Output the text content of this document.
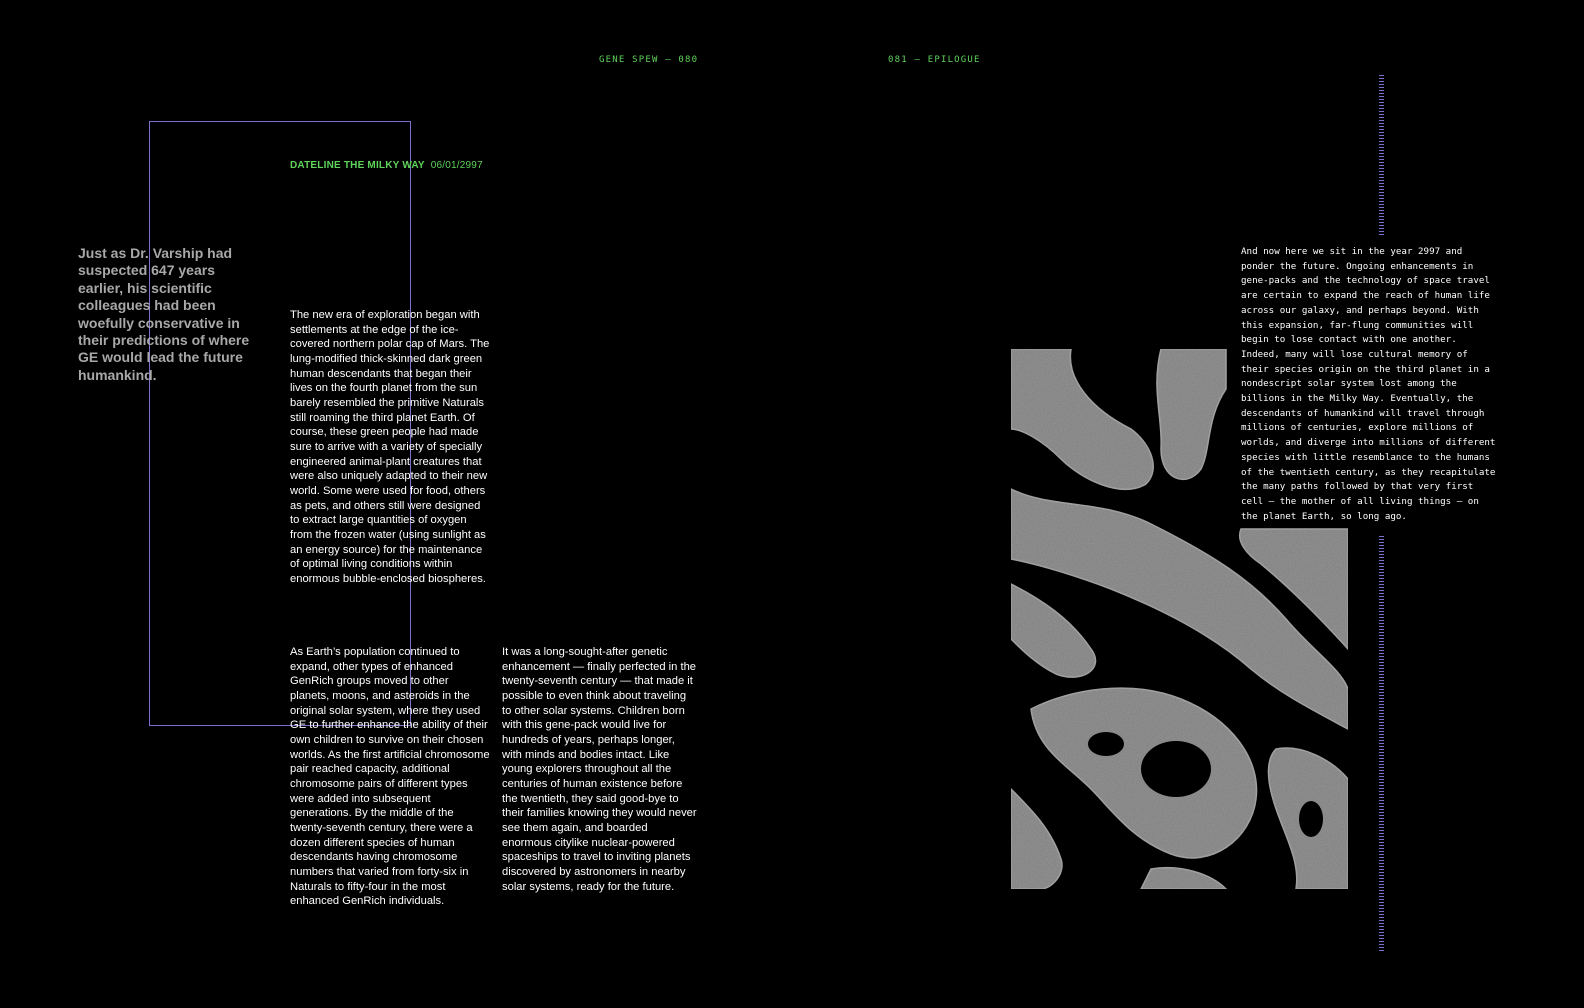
GENE SPEW — 080	081 — EPILOGUE
DATELINE THE MILKY WAY 06/01/2997

Just as Dr. Varship had suspected 647 years earlier, his scientific colleagues had been woefully conservative in their predictions of where GE would lead the future humankind.

The new era of exploration began with settlements at the edge of the ice-covered northern polar cap of Mars. The lung-modified thick-skinned dark green human descendants that began their lives on the fourth planet from the sun barely resembled the primitive Naturals still roaming the third planet Earth. Of course, these green people had made sure to arrive with a variety of specially engineered animal-plant creatures that were also uniquely adapted to their new world. Some were used for food, others as pets, and others still were designed to extract large quantities of oxygen from the frozen water (using sunlight as an energy source) for the maintenance of optimal living conditions within enormous bubble-enclosed biospheres.

As Earth’s population continued to expand, other types of enhanced GenRich groups moved to other planets, moons, and asteroids in the original solar system, where they used GE to further enhance the ability of their own children to survive on their chosen worlds. As the first artificial chromosome pair reached capacity, additional chromosome pairs of different types were added into subsequent generations. By the middle of the twenty-seventh century, there were a dozen different species of human descendants having chromosome numbers that varied from forty-six in Naturals to fifty-four in the most enhanced GenRich individuals.

It was a long-sought-after genetic enhancement — finally perfected in the twenty-seventh century — that made it possible to even think about traveling to other solar systems. Children born with this gene-pack would live for hundreds of years, perhaps longer, with minds and bodies intact. Like young explorers throughout all the centuries of human existence before the twentieth, they said good-bye to their families knowing they would never see them again, and boarded enormous citylike nuclear-powered spaceships to travel to inviting planets discovered by astronomers in nearby solar systems, ready for the future.

And now here we sit in the year 2997 and ponder the future. Ongoing enhancements in gene-packs and the technology of space travel are certain to expand the reach of human life across our galaxy, and perhaps beyond. With this expansion, far-flung communities will begin to lose contact with one another. Indeed, many will lose cultural memory of their species origin on the third planet in a nondescript solar system lost among the billions in the Milky Way. Eventually, the descendants of humankind will travel through millions of centuries, explore millions of worlds, and diverge into millions of different species with little resemblance to the humans of the twentieth century, as they recapitulate the many paths followed by that very first cell — the mother of all living things — on the planet Earth, so long ago.
